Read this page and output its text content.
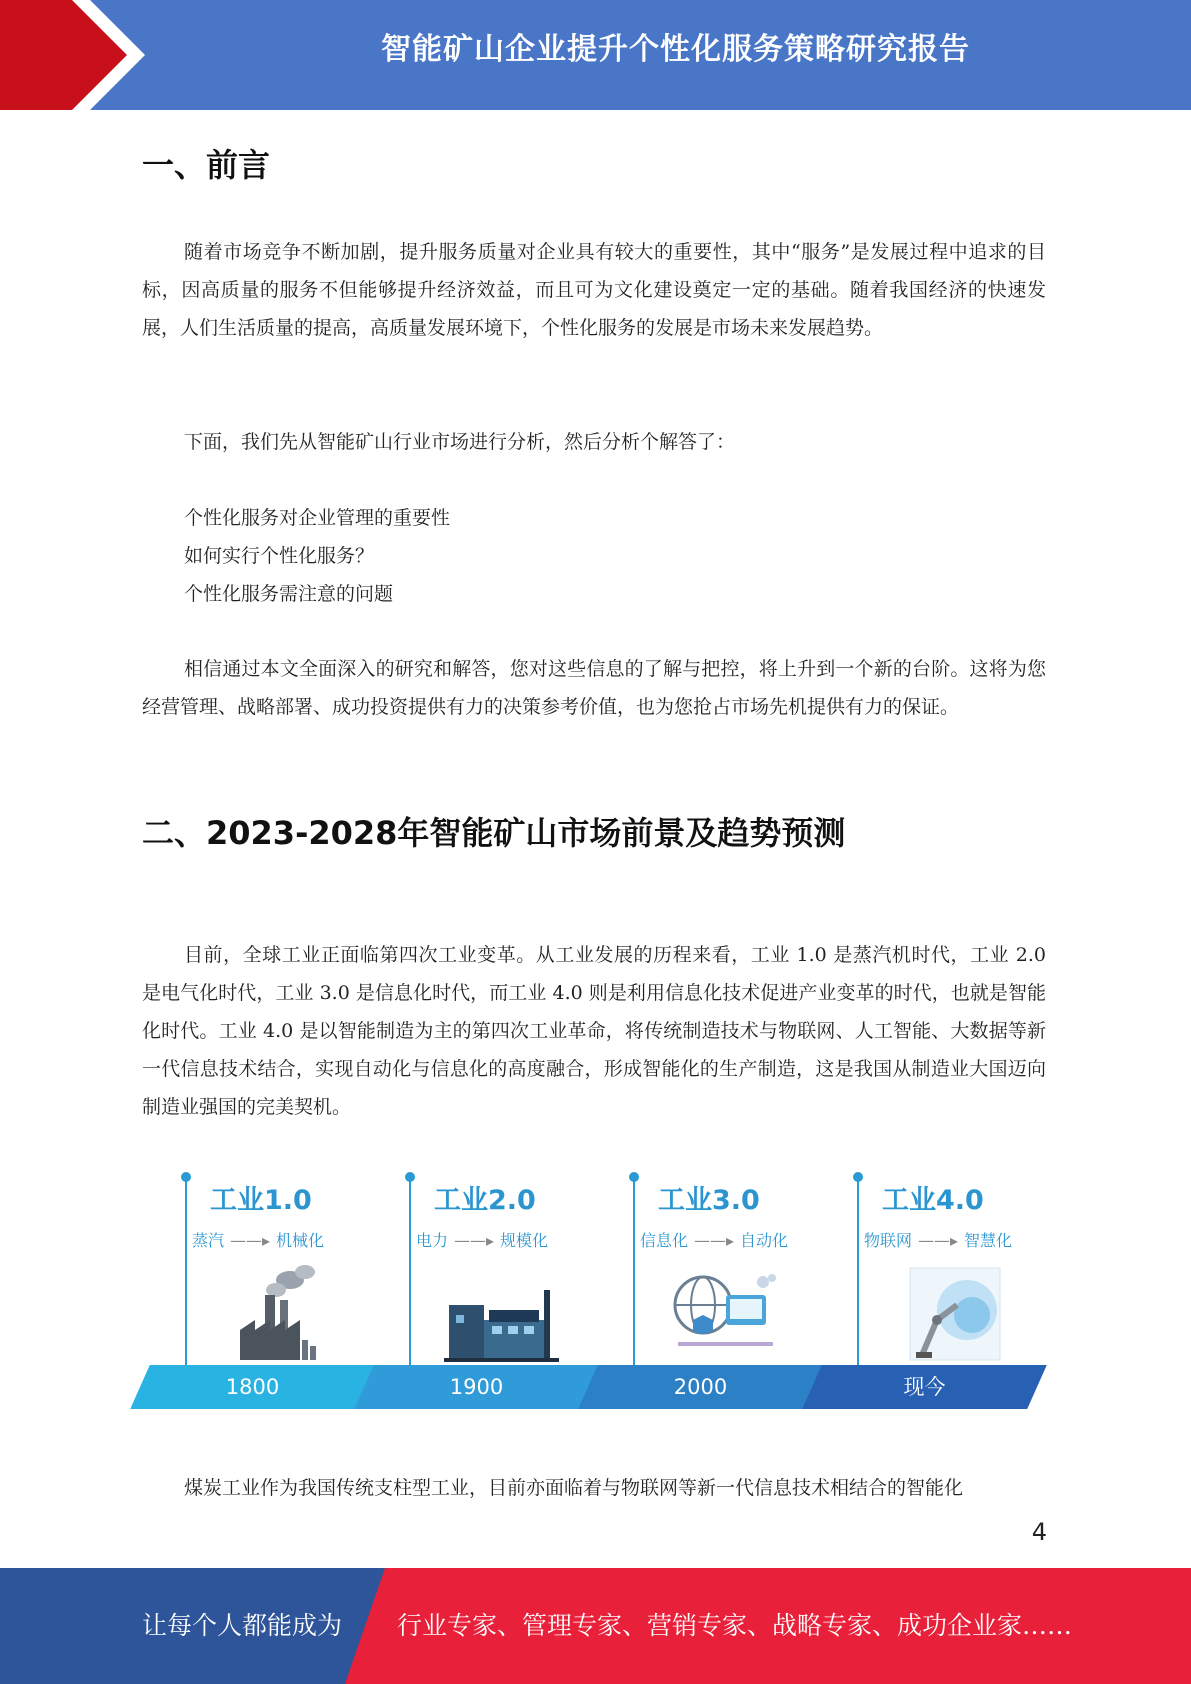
智能矿山企业提升个性化服务策略研究报告
一、前言

随着市场竞争不断加剧，提升服务质量对企业具有较大的重要性，其中“服务”是发展过程中追求的目标，因高质量的服务不但能够提升经济效益，而且可为文化建设奠定一定的基础。随着我国经济的快速发展，人们生活质量的提高，高质量发展环境下，个性化服务的发展是市场未来发展趋势。

下面，我们先从智能矿山行业市场进行分析，然后分析个解答了：

个性化服务对企业管理的重要性
如何实行个性化服务？
个性化服务需注意的问题

相信通过本文全面深入的研究和解答，您对这些信息的了解与把控，将上升到一个新的台阶。这将为您经营管理、战略部署、成功投资提供有力的决策参考价值，也为您抢占市场先机提供有力的保证。

二、2023-2028年智能矿山市场前景及趋势预测

目前，全球工业正面临第四次工业变革。从工业发展的历程来看，工业 1.0 是蒸汽机时代，工业 2.0 是电气化时代，工业 3.0 是信息化时代，而工业 4.0 则是利用信息化技术促进产业变革的时代，也就是智能化时代。工业 4.0 是以智能制造为主的第四次工业革命，将传统制造技术与物联网、人工智能、大数据等新一代信息技术结合，实现自动化与信息化的高度融合，形成智能化的生产制造，这是我国从制造业大国迈向制造业强国的完美契机。

工业1.0
蒸汽 ——▸ 机械化
1800
工业2.0
电力 ——▸ 规模化
1900
工业3.0
信息化 ——▸ 自动化
2000
工业4.0
物联网 ——▸ 智慧化
现今

煤炭工业作为我国传统支柱型工业，目前亦面临着与物联网等新一代信息技术相结合的智能化

4
让每个人都能成为 行业专家、管理专家、营销专家、战略专家、成功企业家……
